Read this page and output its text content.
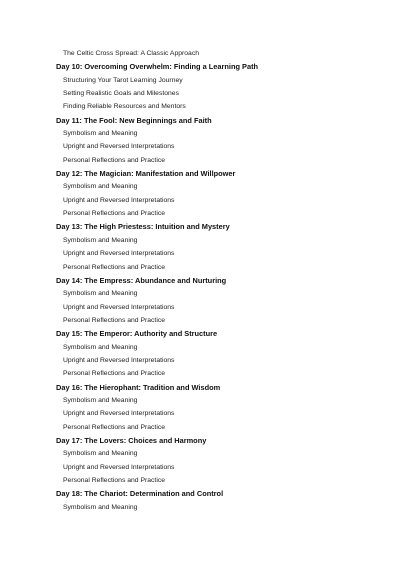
The Celtic Cross Spread: A Classic Approach
Day 10: Overcoming Overwhelm: Finding a Learning Path
Structuring Your Tarot Learning Journey
Setting Realistic Goals and Milestones
Finding Reliable Resources and Mentors
Day 11: The Fool: New Beginnings and Faith
Symbolism and Meaning
Upright and Reversed Interpretations
Personal Reflections and Practice
Day 12: The Magician: Manifestation and Willpower
Symbolism and Meaning
Upright and Reversed Interpretations
Personal Reflections and Practice
Day 13: The High Priestess: Intuition and Mystery
Symbolism and Meaning
Upright and Reversed Interpretations
Personal Reflections and Practice
Day 14: The Empress: Abundance and Nurturing
Symbolism and Meaning
Upright and Reversed Interpretations
Personal Reflections and Practice
Day 15: The Emperor: Authority and Structure
Symbolism and Meaning
Upright and Reversed Interpretations
Personal Reflections and Practice
Day 16: The Hierophant: Tradition and Wisdom
Symbolism and Meaning
Upright and Reversed Interpretations
Personal Reflections and Practice
Day 17: The Lovers: Choices and Harmony
Symbolism and Meaning
Upright and Reversed Interpretations
Personal Reflections and Practice
Day 18: The Chariot: Determination and Control
Symbolism and Meaning
